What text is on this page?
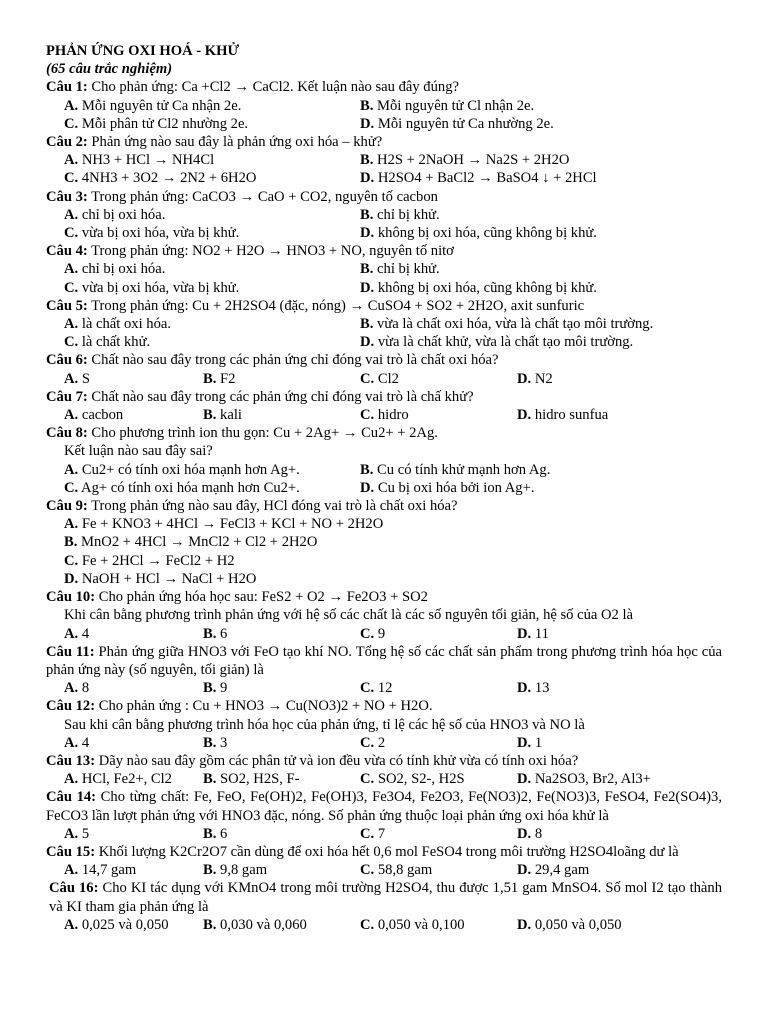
PHẢN ỨNG OXI HOÁ - KHỬ
(65 câu trắc nghiệm)
Câu 1: Cho phản ứng: Ca +Cl2 → CaCl2. Kết luận nào sau đây đúng?
A. Mỗi nguyên tử Ca nhận 2e.	B. Mỗi nguyên tử Cl nhận 2e.
C. Mỗi phân tử Cl2 nhường 2e.	D. Mỗi nguyên tử Ca nhường 2e.
Câu 2: Phản ứng nào sau đây là phản ứng oxi hóa – khử?
A. NH3 + HCl → NH4Cl	B. H2S + 2NaOH → Na2S + 2H2O
C. 4NH3 + 3O2 → 2N2 + 6H2O	D. H2SO4 + BaCl2 → BaSO4 ↓ + 2HCl
Câu 3: Trong phản ứng: CaCO3 → CaO + CO2, nguyên tố cacbon
A. chỉ bị oxi hóa.	B. chỉ bị khử.
C. vừa bị oxi hóa, vừa bị khử.	D. không bị oxi hóa, cũng không bị khử.
Câu 4: Trong phản ứng: NO2 + H2O → HNO3 + NO, nguyên tố nitơ
A. chỉ bị oxi hóa.	B. chỉ bị khử.
C. vừa bị oxi hóa, vừa bị khử.	D. không bị oxi hóa, cũng không bị khử.
Câu 5: Trong phản ứng: Cu + 2H2SO4 (đặc, nóng) → CuSO4 + SO2 + 2H2O, axit sunfuric
A. là chất oxi hóa.	B. vừa là chất oxi hóa, vừa là chất tạo môi trường.
C. là chất khử.	D. vừa là chất khử, vừa là chất tạo môi trường.
Câu 6: Chất nào sau đây trong các phản ứng chỉ đóng vai trò là chất oxi hóa?
A. S	B. F2	C. Cl2	D. N2
Câu 7: Chất nào sau đây trong các phản ứng chỉ đóng vai trò là chấ khử?
A. cacbon	B. kali	C. hidro	D. hidro sunfua
Câu 8: Cho phương trình ion thu gọn: Cu + 2Ag+ → Cu2+ + 2Ag.
Kết luận nào sau đây sai?
A. Cu2+ có tính oxi hóa mạnh hơn Ag+.	B. Cu có tính khử mạnh hơn Ag.
C. Ag+ có tính oxi hóa mạnh hơn Cu2+.	D. Cu bị oxi hóa bởi ion Ag+.
Câu 9: Trong phản ứng nào sau đây, HCl đóng vai trò là chất oxi hóa?
A. Fe + KNO3 + 4HCl → FeCl3 + KCl + NO + 2H2O
B. MnO2 + 4HCl → MnCl2 + Cl2 + 2H2O
C. Fe + 2HCl → FeCl2 + H2
D. NaOH + HCl → NaCl + H2O
Câu 10: Cho phản ứng hóa học sau: FeS2 + O2 → Fe2O3 + SO2
Khi cân bằng phương trình phản ứng với hệ số các chất là các số nguyên tối giản, hệ số của O2 là
A. 4	B. 6	C. 9	D. 11
Câu 11: Phản ứng giữa HNO3 với FeO tạo khí NO. Tổng hệ số các chất sản phẩm trong phương trình hóa học của phản ứng này (số nguyên, tối giản) là
A. 8	B. 9	C. 12	D. 13
Câu 12: Cho phản ứng : Cu + HNO3 → Cu(NO3)2 + NO + H2O.
Sau khi cân bằng phương trình hóa học của phản ứng, tỉ lệ các hệ số của HNO3 và NO là
A. 4	B. 3	C. 2	D. 1
Câu 13: Dãy nào sau đây gồm các phân tử và ion đều vừa có tính khử vừa có tính oxi hóa?
A. HCl, Fe2+, Cl2	B. SO2, H2S, F-	C. SO2, S2-, H2S	D. Na2SO3, Br2, Al3+
Câu 14: Cho từng chất: Fe, FeO, Fe(OH)2, Fe(OH)3, Fe3O4, Fe2O3, Fe(NO3)2, Fe(NO3)3, FeSO4, Fe2(SO4)3, FeCO3 lần lượt phản ứng với HNO3 đặc, nóng. Số phản ứng thuộc loại phản ứng oxi hóa khử là
A. 5	B. 6	C. 7	D. 8
Câu 15: Khối lượng K2Cr2O7 cần dùng để oxi hóa hết 0,6 mol FeSO4 trong môi trường H2SO4loãng dư là
A. 14,7 gam	B. 9,8 gam	C. 58,8 gam	D. 29,4 gam
Câu 16: Cho KI tác dụng với KMnO4 trong môi trường H2SO4, thu được 1,51 gam MnSO4. Số mol I2 tạo thành và KI tham gia phản ứng là
A. 0,025 và 0,050	B. 0,030 và 0,060	C. 0,050 và 0,100	D. 0,050 và 0,050
